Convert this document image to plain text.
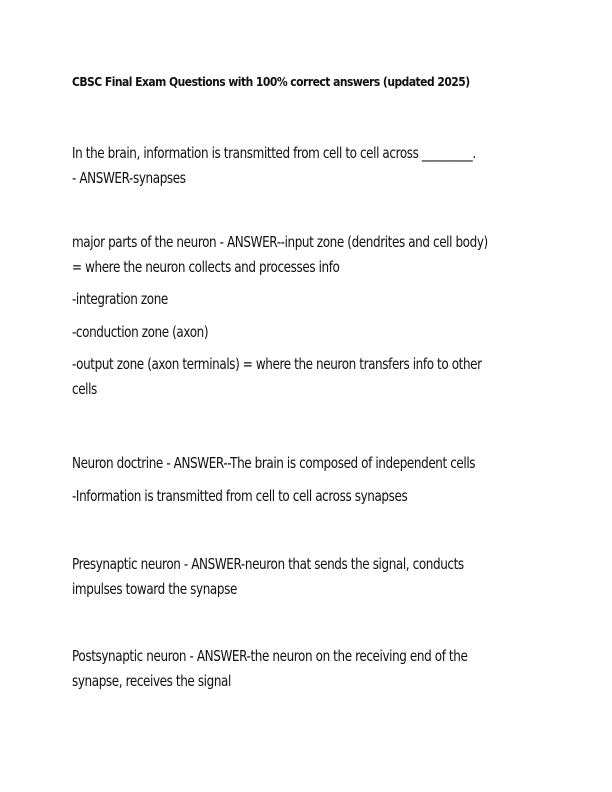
CBSC Final Exam Questions with 100% correct answers (updated 2025)

In the brain, information is transmitted from cell to cell across _________.

- ANSWER-synapses

major parts of the neuron - ANSWER--input zone (dendrites and cell body)

= where the neuron collects and processes info

-integration zone

-conduction zone (axon)

-output zone (axon terminals) = where the neuron transfers info to other

cells

Neuron doctrine - ANSWER--The brain is composed of independent cells

-Information is transmitted from cell to cell across synapses

Presynaptic neuron - ANSWER-neuron that sends the signal, conducts

impulses toward the synapse

Postsynaptic neuron - ANSWER-the neuron on the receiving end of the

synapse, receives the signal
